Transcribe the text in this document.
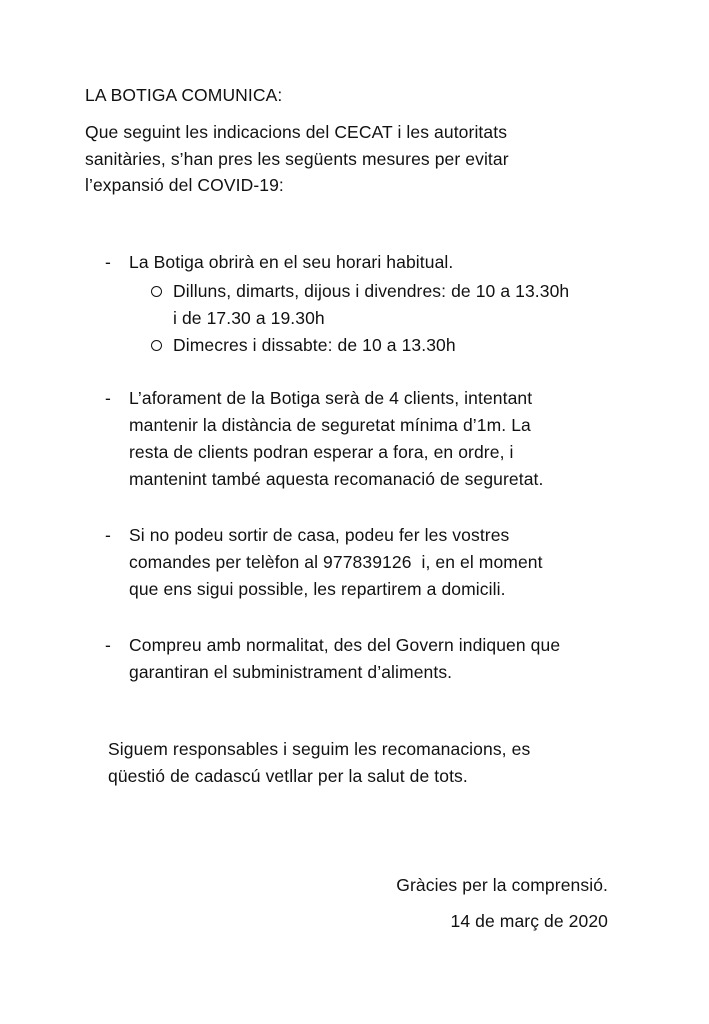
LA BOTIGA COMUNICA:
Que seguint les indicacions del CECAT i les autoritats
sanitàries, s’han pres les següents mesures per evitar
l’expansió del COVID-19:
- La Botiga obrirà en el seu horari habitual.
Dilluns, dimarts, dijous i divendres: de 10 a 13.30h
i de 17.30 a 19.30h
Dimecres i dissabte: de 10 a 13.30h
- L’aforament de la Botiga serà de 4 clients, intentant
mantenir la distància de seguretat mínima d’1m. La
resta de clients podran esperar a fora, en ordre, i
mantenint també aquesta recomanació de seguretat.
- Si no podeu sortir de casa, podeu fer les vostres
comandes per telèfon al 977839126  i, en el moment
que ens sigui possible, les repartirem a domicili.
- Compreu amb normalitat, des del Govern indiquen que
garantiran el subministrament d’aliments.
Siguem responsables i seguim les recomanacions, es
qüestió de cadascú vetllar per la salut de tots.
Gràcies per la comprensió.
14 de març de 2020
